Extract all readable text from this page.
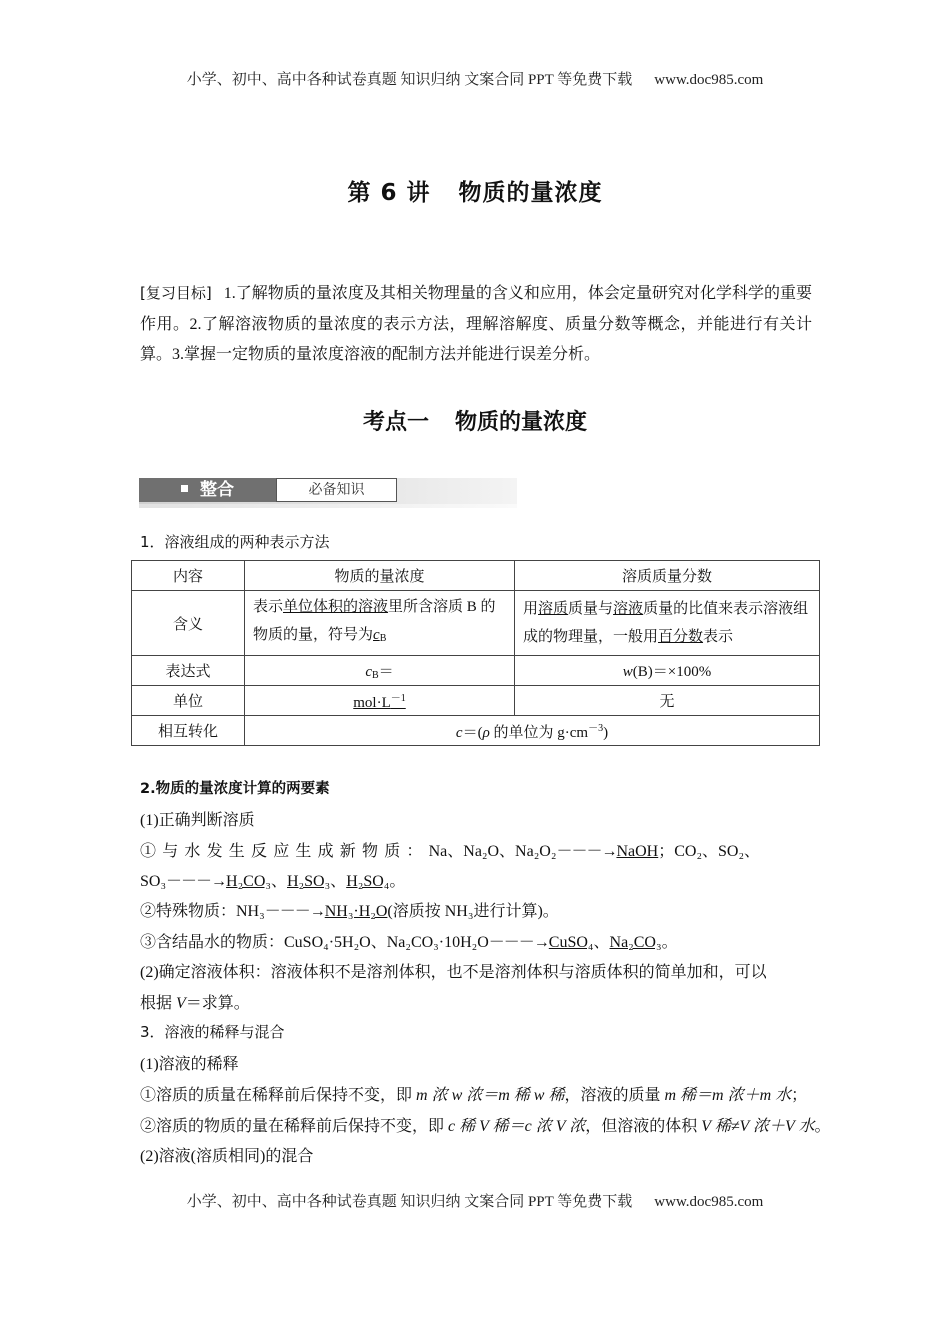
小学、初中、高中各种试卷真题 知识归纳 文案合同 PPT 等免费下载 www.doc985.com
第 6 讲 物质的量浓度
[复习目标] 1.了解物质的量浓度及其相关物理量的含义和应用，体会定量研究对化学科学的重要作用。2.了解溶液物质的量浓度的表示方法，理解溶解度、质量分数等概念，并能进行有关计算。3.掌握一定物质的量浓度溶液的配制方法并能进行误差分析。
考点一 物质的量浓度
整合	必备知识
1．溶液组成的两种表示方法
内容	物质的量浓度	溶质质量分数
含义	表示单位体积的溶液里所含溶质 B 的物质的量，符号为$c_B$	用溶质质量与溶液质量的比值来表示溶液组成的物理量，一般用百分数表示
表达式	$c_B=$	w(B)＝×100%
单位	$mol\cdot L^{-1}$	无
相互转化	c＝(ρ 的单位为 $g\cdot cm^{-3}$)	
2.物质的量浓度计算的两要素
(1)正确判断溶质
①与水发生反应生成新物质：Na、Na₂O、Na₂O₂－－－→NaOH；CO₂、SO₂、
SO₃－－－→H₂CO₃、H₂SO₃、H₂SO₄。
②特殊物质：NH₃－－－→NH₃·H₂O(溶质按 NH₃进行计算)。
③含结晶水的物质：CuSO₄·5H₂O、Na₂CO₃·10H₂O－－－→CuSO₄、Na₂CO₃。
(2)确定溶液体积：溶液体积不是溶剂体积，也不是溶剂体积与溶质体积的简单加和，可以
根据 V＝求算。
3．溶液的稀释与混合
(1)溶液的稀释
①溶质的质量在稀释前后保持不变，即 m 浓 w 浓＝m 稀 w 稀，溶液的质量 m 稀＝m 浓＋m 水；
②溶质的物质的量在稀释前后保持不变，即 c 稀 V 稀＝c 浓 V 浓，但溶液的体积 V 稀≠V 浓＋V 水。
(2)溶液(溶质相同)的混合
小学、初中、高中各种试卷真题 知识归纳 文案合同 PPT 等免费下载 www.doc985.com
